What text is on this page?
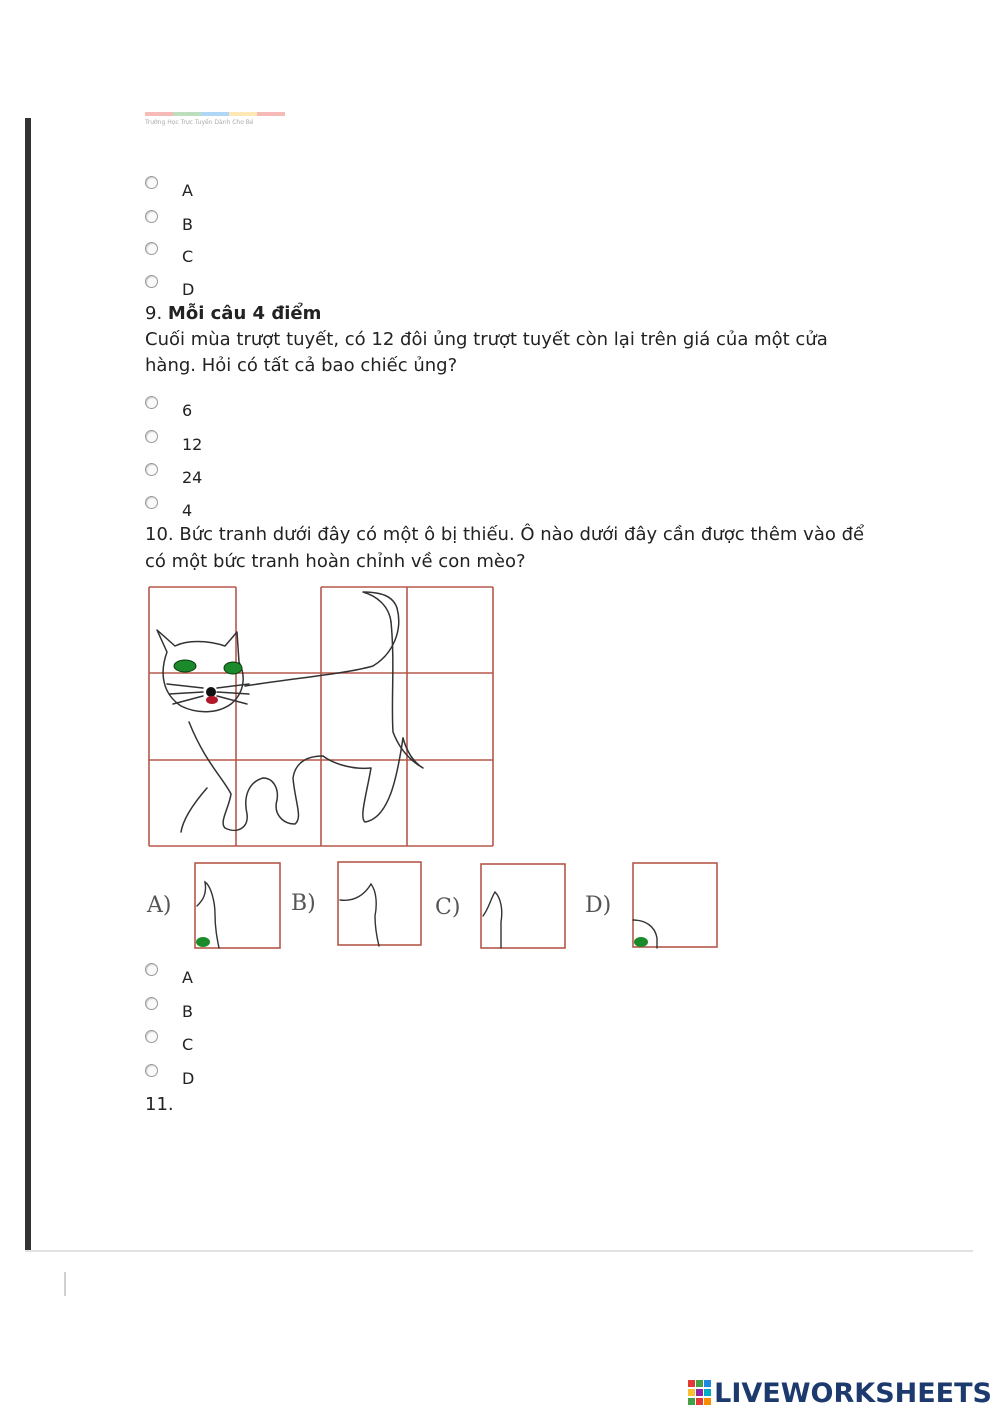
Trường Học Trực Tuyến Dành Cho Bé
A
B
C
D
9. Mỗi câu 4 điểm
Cuối mùa trượt tuyết, có 12 đôi ủng trượt tuyết còn lại trên giá của một cửa
hàng. Hỏi có tất cả bao chiếc ủng?
6
12
24
4
10. Bức tranh dưới đây có một ô bị thiếu. Ô nào dưới đây cần được thêm vào để
có một bức tranh hoàn chỉnh về con mèo?
A)	B)	C)	D)
A
B
C
D
11.
LIVEWORKSHEETS
